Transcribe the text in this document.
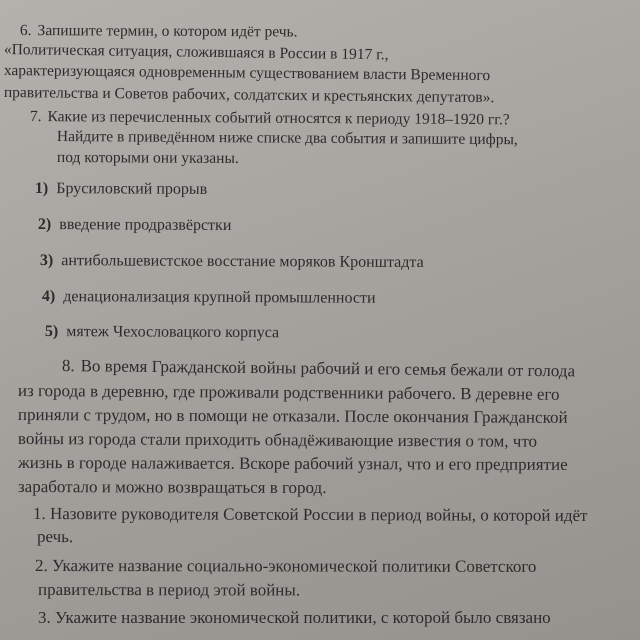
6. Запишите термин, о котором идёт речь.
«Политическая ситуация, сложившаяся в России в 1917 г.,
характеризующаяся одновременным существованием власти Временного
правительства и Советов рабочих, солдатских и крестьянских депутатов».
7. Какие из перечисленных событий относятся к периоду 1918–1920 гг.?
Найдите в приведённом ниже списке два события и запишите цифры,
под которыми они указаны.
1) Брусиловский прорыв
2) введение продразвёрстки
3) антибольшевистское восстание моряков Кронштадта
4) денационализация крупной промышленности
5) мятеж Чехословацкого корпуса
8. Во время Гражданской войны рабочий и его семья бежали от голода
из города в деревню, где проживали родственники рабочего. В деревне его
приняли с трудом, но в помощи не отказали. После окончания Гражданской
войны из города стали приходить обнадёживающие известия о том, что
жизнь в городе налаживается. Вскоре рабочий узнал, что и его предприятие
заработало и можно возвращаться в город.
1. Назовите руководителя Советской России в период войны, о которой идёт
речь.
2. Укажите название социально-экономической политики Советского
правительства в период этой войны.
3. Укажите название экономической политики, с которой было связано
